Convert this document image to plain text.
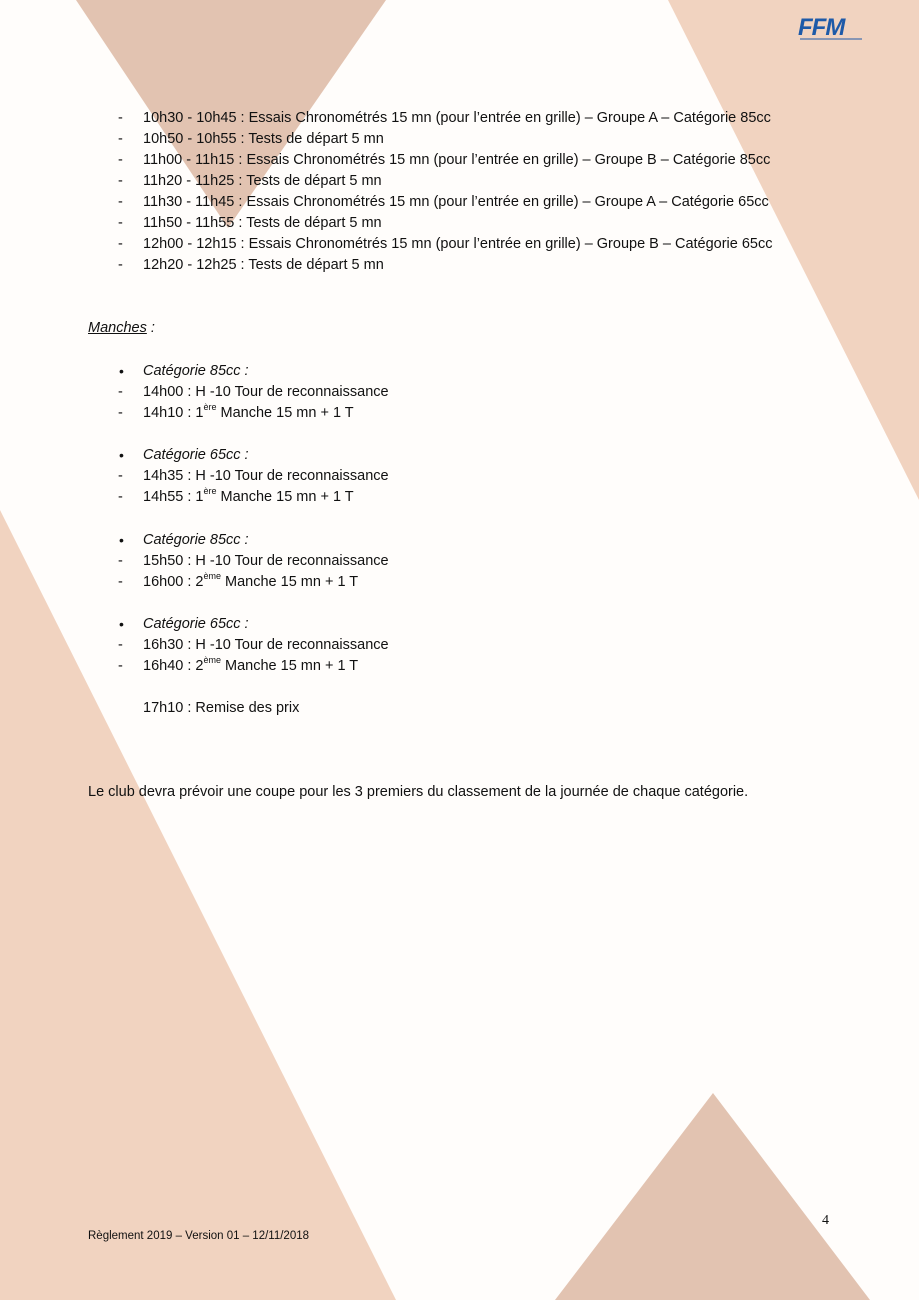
FFM
- 10h30 - 10h45 : Essais Chronométrés 15 mn (pour l’entrée en grille) – Groupe A – Catégorie 85cc
- 10h50 - 10h55 : Tests de départ 5 mn
- 11h00 - 11h15 : Essais Chronométrés 15 mn (pour l’entrée en grille) – Groupe B – Catégorie 85cc
- 11h20 - 11h25 : Tests de départ 5 mn
- 11h30 - 11h45 : Essais Chronométrés 15 mn (pour l’entrée en grille) – Groupe A – Catégorie 65cc
- 11h50 - 11h55 : Tests de départ 5 mn
- 12h00 - 12h15 : Essais Chronométrés 15 mn (pour l’entrée en grille) – Groupe B – Catégorie 65cc
- 12h20 - 12h25 : Tests de départ 5 mn
Manches :
• Catégorie 85cc :
- 14h00 : H -10 Tour de reconnaissance
- 14h10 : 1ère Manche 15 mn + 1 T
• Catégorie 65cc :
- 14h35 : H -10 Tour de reconnaissance
- 14h55 : 1ère Manche 15 mn + 1 T
• Catégorie 85cc :
- 15h50 : H -10 Tour de reconnaissance
- 16h00 : 2ème Manche 15 mn + 1 T
• Catégorie 65cc :
- 16h30 : H -10 Tour de reconnaissance
- 16h40 : 2ème Manche 15 mn + 1 T
17h10 : Remise des prix
Le club devra prévoir une coupe pour les 3 premiers du classement de la journée de chaque catégorie.
4
Règlement 2019 – Version 01 – 12/11/2018
